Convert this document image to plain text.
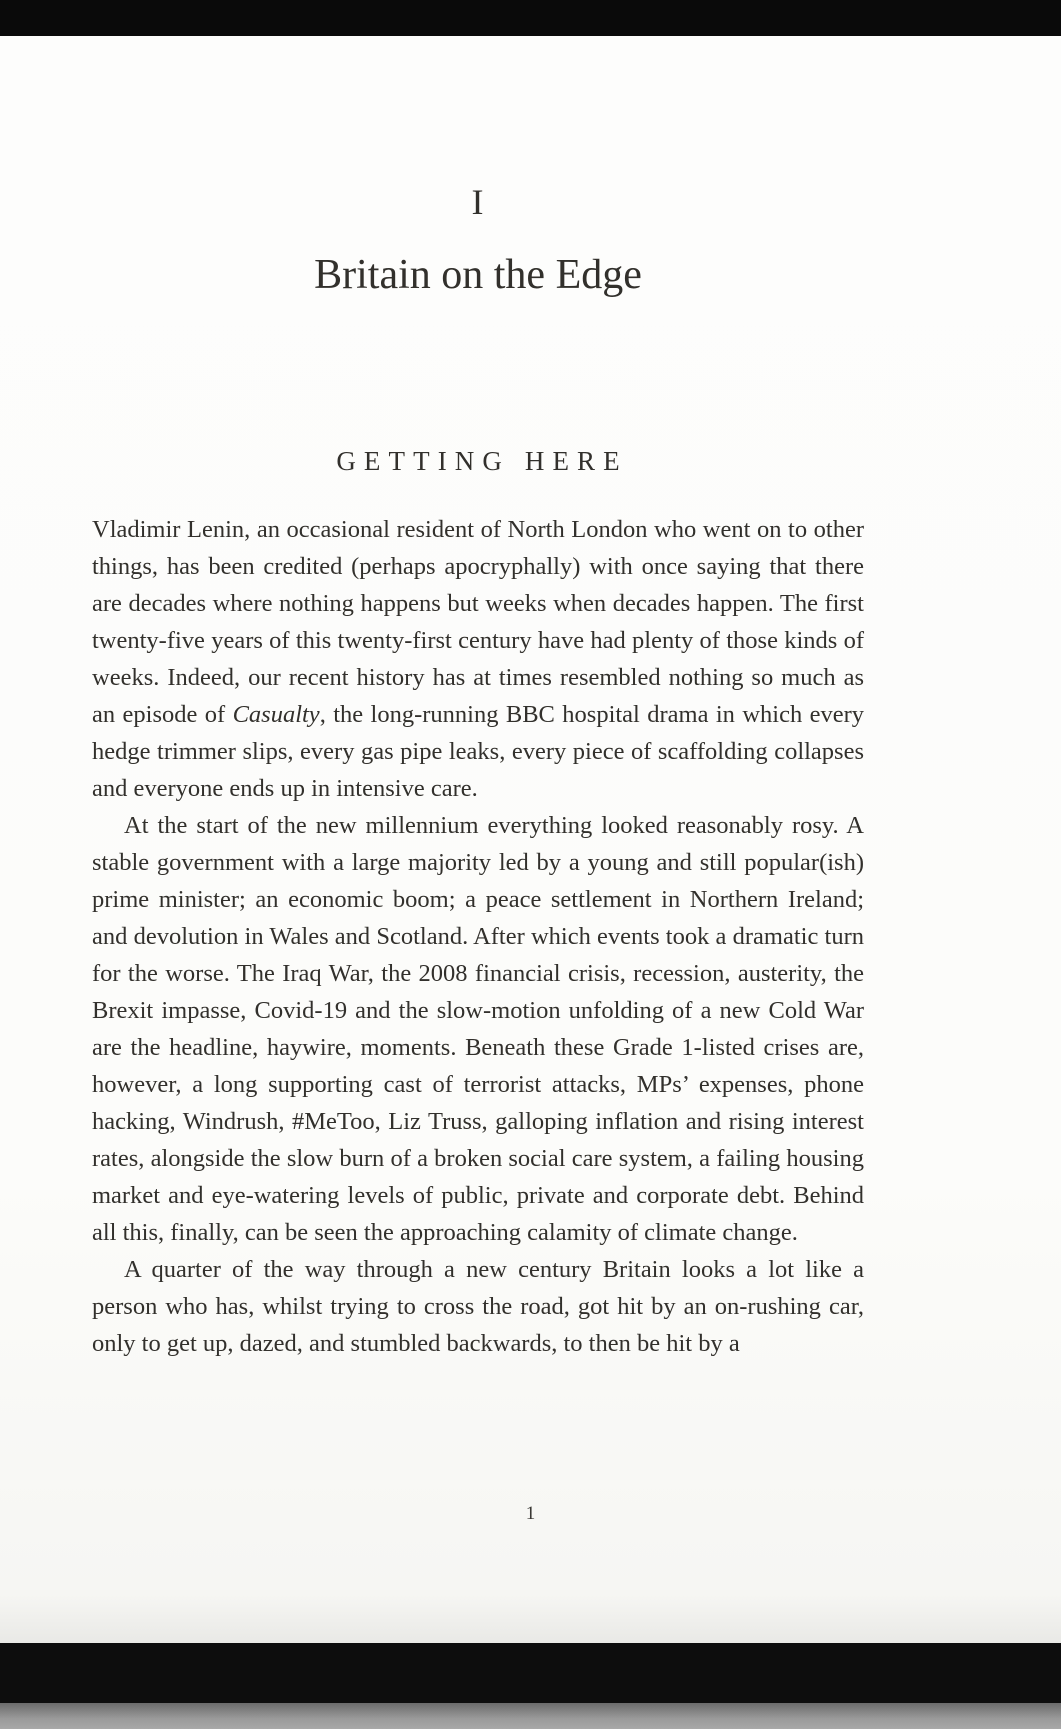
I
Britain on the Edge
GETTING HERE

Vladimir Lenin, an occasional resident of North London who went on to other things, has been credited (perhaps apocryphally) with once saying that there are decades where nothing happens but weeks when decades happen. The first twenty-five years of this twenty-first century have had plenty of those kinds of weeks. Indeed, our recent history has at times resembled nothing so much as an episode of Casualty, the long-running BBC hospital drama in which every hedge trimmer slips, every gas pipe leaks, every piece of scaffolding collapses and everyone ends up in intensive care.

At the start of the new millennium everything looked reasonably rosy. A stable government with a large majority led by a young and still popular(ish) prime minister; an economic boom; a peace settlement in Northern Ireland; and devolution in Wales and Scotland. After which events took a dramatic turn for the worse. The Iraq War, the 2008 financial crisis, recession, austerity, the Brexit impasse, Covid-19 and the slow-motion unfolding of a new Cold War are the headline, haywire, moments. Beneath these Grade 1-listed crises are, however, a long supporting cast of terrorist attacks, MPs’ expenses, phone hacking, Windrush, #MeToo, Liz Truss, galloping inflation and rising interest rates, alongside the slow burn of a broken social care system, a failing housing market and eye-watering levels of public, private and corporate debt. Behind all this, finally, can be seen the approaching calamity of climate change.

A quarter of the way through a new century Britain looks a lot like a person who has, whilst trying to cross the road, got hit by an on-rushing car, only to get up, dazed, and stumbled backwards, to then be hit by a

1
